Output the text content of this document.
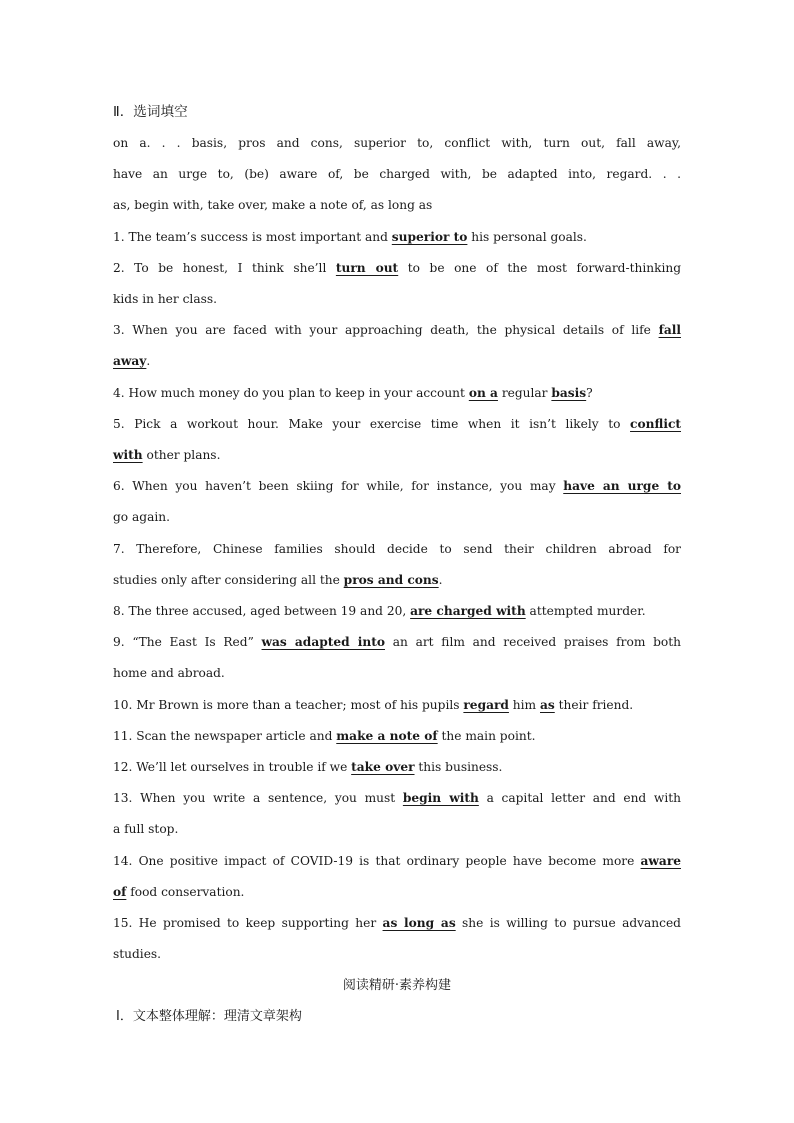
Ⅱ．选词填空

on a. . . basis, pros and cons, superior to, conflict with, turn out, fall away,

have an urge to, (be) aware of, be charged with, be adapted into, regard. . .

as, begin with, take over, make a note of, as long as

1. The team’s success is most important and superior to his personal goals.

2. To be honest, I think she’ll turn out to be one of the most forward-thinking

kids in her class.

3. When you are faced with your approaching death, the physical details of life fall

away.

4. How much money do you plan to keep in your account on a regular basis?

5. Pick a workout hour. Make your exercise time when it isn’t likely to conflict

with other plans.

6. When you haven’t been skiing for while, for instance, you may have an urge to

go again.

7. Therefore, Chinese families should decide to send their children abroad for

studies only after considering all the pros and cons.

8. The three accused, aged between 19 and 20, are charged with attempted murder.

9. “The East Is Red” was adapted into an art film and received praises from both

home and abroad.

10. Mr Brown is more than a teacher; most of his pupils regard him as their friend.

11. Scan the newspaper article and make a note of the main point.

12. We’ll let ourselves in trouble if we take over this business.

13. When you write a sentence, you must begin with a capital letter and end with

a full stop.

14. One positive impact of COVID-19 is that ordinary people have become more aware

of food conservation.

15. He promised to keep supporting her as long as she is willing to pursue advanced

studies.

阅读精研·素养构建

Ⅰ．文本整体理解：理清文章架构
